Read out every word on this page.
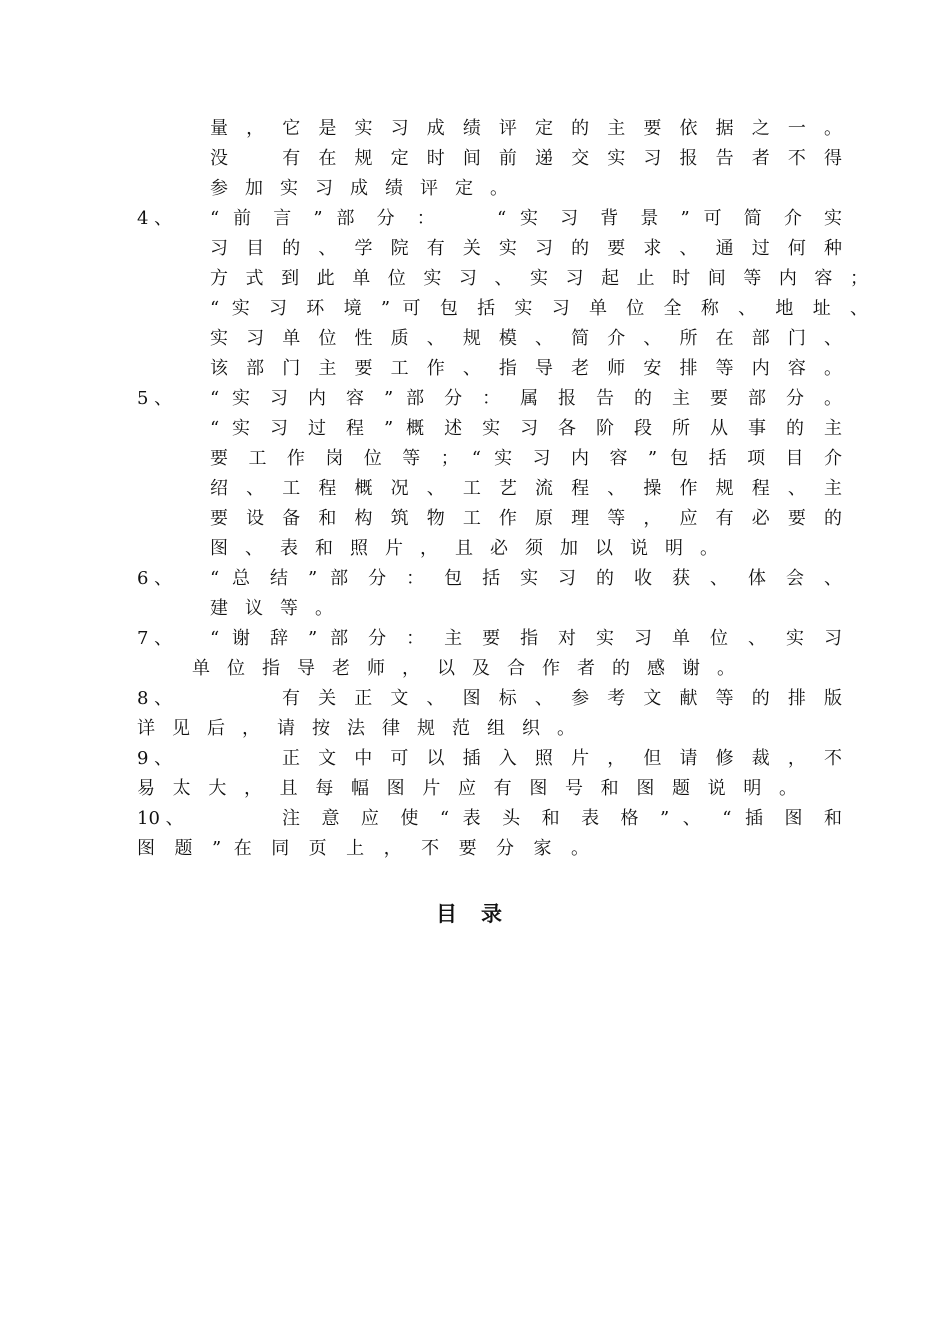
量 ， 它 是 实 习 成 绩 评 定 的 主 要 依 据 之 一 。
没 　 有 在 规 定 时 间 前 递 交 实 习 报 告 者 不 得
参加实习成绩评定。
4 、 “ 前 言 ” 部 分 ： 　 “ 实 习 背 景 ” 可 简 介 实
习 目 的 、 学 院 有 关 实 习 的 要 求 、 通 过 何 种
方 式 到 此 单 位 实 习 、 实 习 起 止 时 间 等 内 容 ；
“ 实 习 环 境 ” 可 包 括 实 习 单 位 全 称 、 地 址 、
实 习 单 位 性 质 、 规 模 、 简 介 、 所 在 部 门 、
该 部 门 主 要 工 作 、 指 导 老 师 安 排 等 内 容 。
5 、 “ 实 习 内 容 ” 部 分 ： 属 报 告 的 主 要 部 分 。
“ 实 习 过 程 ” 概 述 实 习 各 阶 段 所 从 事 的 主
要 工 作 岗 位 等 ； “ 实 习 内 容 ” 包 括 项 目 介
绍 、 工 程 概 况 、 工 艺 流 程 、 操 作 规 程 、 主
要 设 备 和 构 筑 物 工 作 原 理 等 ， 应 有 必 要 的
图、表和照片，且必须加以说明。
6 、 “ 总 结 ” 部 分 ： 包 括 实 习 的 收 获 、 体 会 、
建议等。
7 、 “ 谢 辞 ” 部 分 ： 主 要 指 对 实 习 单 位 、 实 习
单位指导老师，以及合作者的感谢。
8 、	有 关 正 文 、 图 标 、 参 考 文 献 等 的 排 版
详见后，请按法律规范组织。
9 、	正 文 中 可 以 插 入 照 片 ， 但 请 修 裁 ， 不
易 太 大 ， 且 每 幅 图 片 应 有 图 号 和 图 题 说 明 。
10 、	注 意 应 使 “ 表 头 和 表 格 ” 、 “ 插 图 和
图 题 ” 在 同 页 上 ， 不 要 分 家 。
目录
